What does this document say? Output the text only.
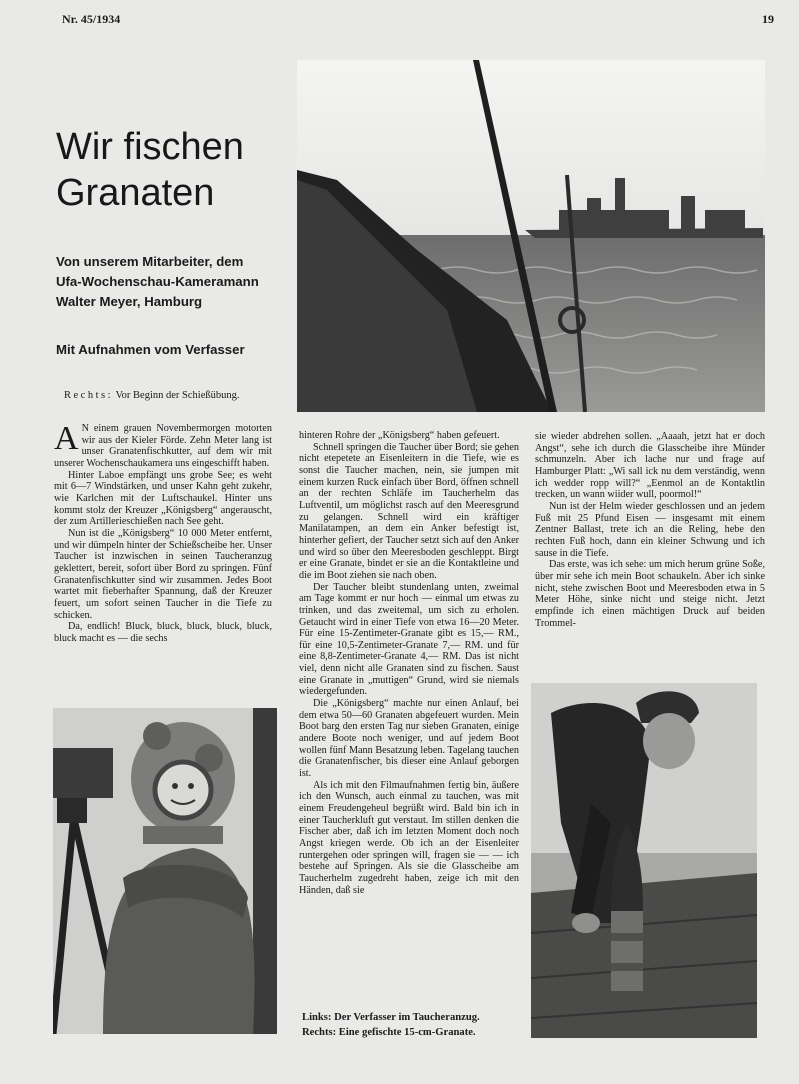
Nr. 45/1934	19
Wir fischen
Granaten
Von unserem Mitarbeiter, dem
Ufa-Wochenschau-Kameramann
Walter Meyer, Hamburg
Mit Aufnahmen vom Verfasser
Rechts: Vor Beginn der Schießübung.

A N einem grauen Novembermorgen motorten wir aus der Kieler Förde. Zehn Meter lang ist unser Granatenfischkutter, auf dem wir mit unserer Wochenschaukamera uns eingeschifft haben.

Hinter Laboe empfängt uns grobe See; es weht mit 6—7 Windstärken, und unser Kahn geht zukehr, wie Karlchen mit der Luftschaukel. Hinter uns kommt stolz der Kreuzer „Königsberg“ angerauscht, der zum Artillerieschießen nach See geht.

Nun ist die „Königsberg“ 10 000 Meter entfernt, und wir dümpeln hinter der Schießscheibe her. Unser Taucher ist inzwischen in seinen Taucheranzug geklettert, bereit, sofort über Bord zu springen. Fünf Granatenfischkutter sind wir zusammen. Jedes Boot wartet mit fieberhafter Spannung, daß der Kreuzer feuert, um sofort seinen Taucher in die Tiefe zu schicken.

Da, endlich! Bluck, bluck, bluck, bluck, bluck, bluck macht es — die sechs

hinteren Rohre der „Königsberg“ haben gefeuert.

Schnell springen die Taucher über Bord; sie gehen nicht etepetete an Eisenleitern in die Tiefe, wie es sonst die Taucher machen, nein, sie jumpen mit einem kurzen Ruck einfach über Bord, öffnen schnell an der rechten Schläfe im Taucherhelm das Luftventil, um möglichst rasch auf den Meeresgrund zu gelangen. Schnell wird ein kräftiger Manilatampen, an dem ein Anker befestigt ist, hinterher gefiert, der Taucher setzt sich auf den Anker und wird so über den Meeresboden geschleppt. Birgt er eine Granate, bindet er sie an die Kontaktleine und die im Boot ziehen sie nach oben.

Der Taucher bleibt stundenlang unten, zweimal am Tage kommt er nur hoch — einmal um etwas zu trinken, und das zweitemal, um sich zu erholen. Getaucht wird in einer Tiefe von etwa 16—20 Meter. Für eine 15-Zentimeter-Granate gibt es 15,— RM., für eine 10,5-Zentimeter-Granate 7,— RM. und für eine 8,8-Zentimeter-Granate 4,— RM. Das ist nicht viel, denn nicht alle Granaten sind zu fischen. Saust eine Granate in „muttigen“ Grund, wird sie niemals wiedergefunden.

Die „Königsberg“ machte nur einen Anlauf, bei dem etwa 50—60 Granaten abgefeuert wurden. Mein Boot barg den ersten Tag nur sieben Granaten, einige andere Boote noch weniger, und auf jedem Boot wollen fünf Mann Besatzung leben. Tagelang tauchen die Granatenfischer, bis dieser eine Anlauf geborgen ist.

Als ich mit den Filmaufnahmen fertig bin, äußere ich den Wunsch, auch einmal zu tauchen, was mit einem Freudengeheul begrüßt wird. Bald bin ich in einer Taucherkluft gut verstaut. Im stillen denken die Fischer aber, daß ich im letzten Moment doch noch Angst kriegen werde. Ob ich an der Eisenleiter runtergehen oder springen will, fragen sie — — ich bestehe auf Springen. Als sie die Glasscheibe am Taucherhelm zugedreht haben, zeige ich mit den Händen, daß sie

sie wieder abdrehen sollen. „Aaaah, jetzt hat er doch Angst“, sehe ich durch die Glasscheibe ihre Münder schmunzeln. Aber ich lache nur und frage auf Hamburger Platt: „Wi sall ick nu dem verständig, wenn ich wedder ropp will?“ „Eenmol an de Kontaktlin trecken, un wann wiider wull, poormol!“

Nun ist der Helm wieder geschlossen und an jedem Fuß mit 25 Pfund Eisen — insgesamt mit einem Zentner Ballast, trete ich an die Reling, hebe den rechten Fuß hoch, dann ein kleiner Schwung und ich sause in die Tiefe.

Das erste, was ich sehe: um mich herum grüne Soße, über mir sehe ich mein Boot schaukeln. Aber ich sinke nicht, stehe zwischen Boot und Meeresboden etwa in 5 Meter Höhe, sinke nicht und steige nicht. Jetzt empfinde ich einen mächtigen Druck auf beiden Trommel-

Links: Der Verfasser im Taucheranzug.
Rechts: Eine gefischte 15-cm-Granate.
